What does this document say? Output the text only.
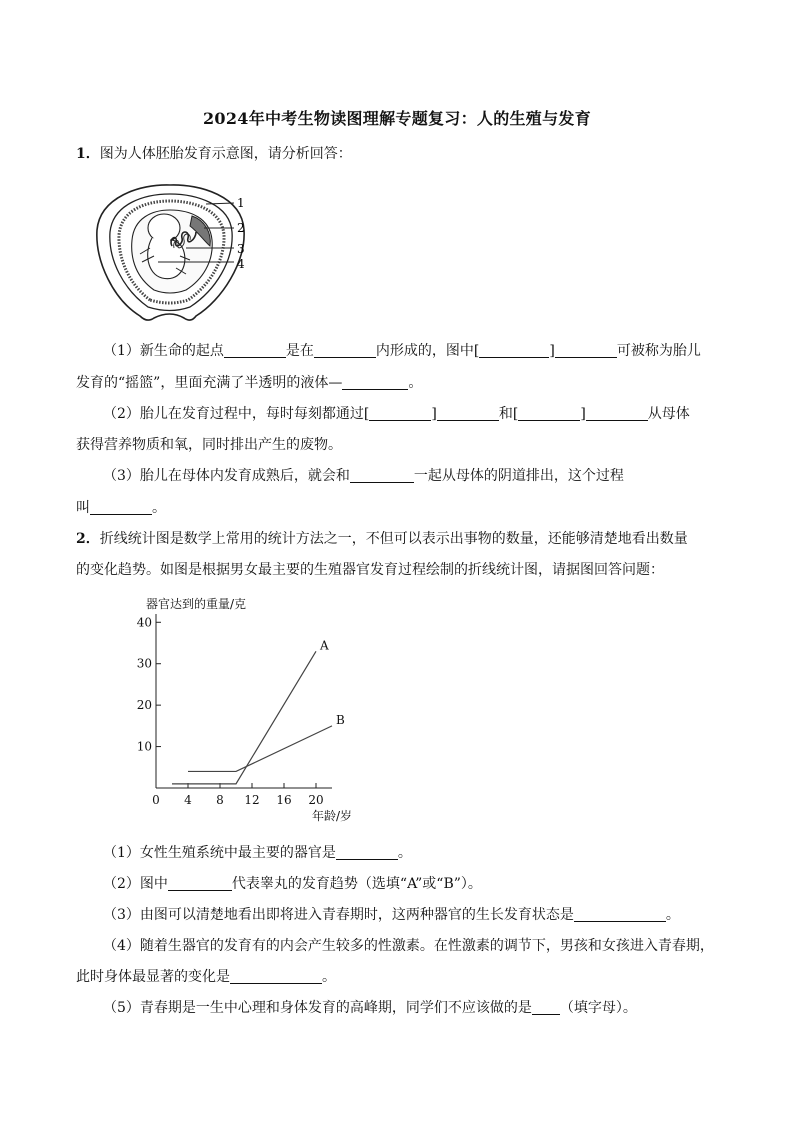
2024年中考生物读图理解专题复习：人的生殖与发育
1．图为人体胚胎发育示意图，请分析回答：
1
2
3
4
（1）新生命的起点	是在	内形成的，图中[	]	可被称为胎儿
发育的“摇篮”，里面充满了半透明的液体—	。
（2）胎儿在发育过程中，每时每刻都通过[	]	和[	]	从母体
获得营养物质和氧，同时排出产生的废物。
（3）胎儿在母体内发育成熟后，就会和	一起从母体的阴道排出，这个过程
叫	。
2．折线统计图是数学上常用的统计方法之一，不但可以表示出事物的数量，还能够清楚地看出数量
的变化趋势。如图是根据男女最主要的生殖器官发育过程绘制的折线统计图，请据图回答问题：
器官达到的重量/克
年龄/岁
0 4 8 12 16 20
10
20
30
40
A
B
（1）女性生殖系统中最主要的器官是	。
（2）图中	代表睾丸的发育趋势（选填“A”或“B”）。
（3）由图可以清楚地看出即将进入青春期时，这两种器官的生长发育状态是	。
（4）随着生器官的发育有的内会产生较多的性激素。在性激素的调节下，男孩和女孩进入青春期，
此时身体最显著的变化是	。
（5）青春期是一生中心理和身体发育的高峰期，同学们不应该做的是 （填字母）。
